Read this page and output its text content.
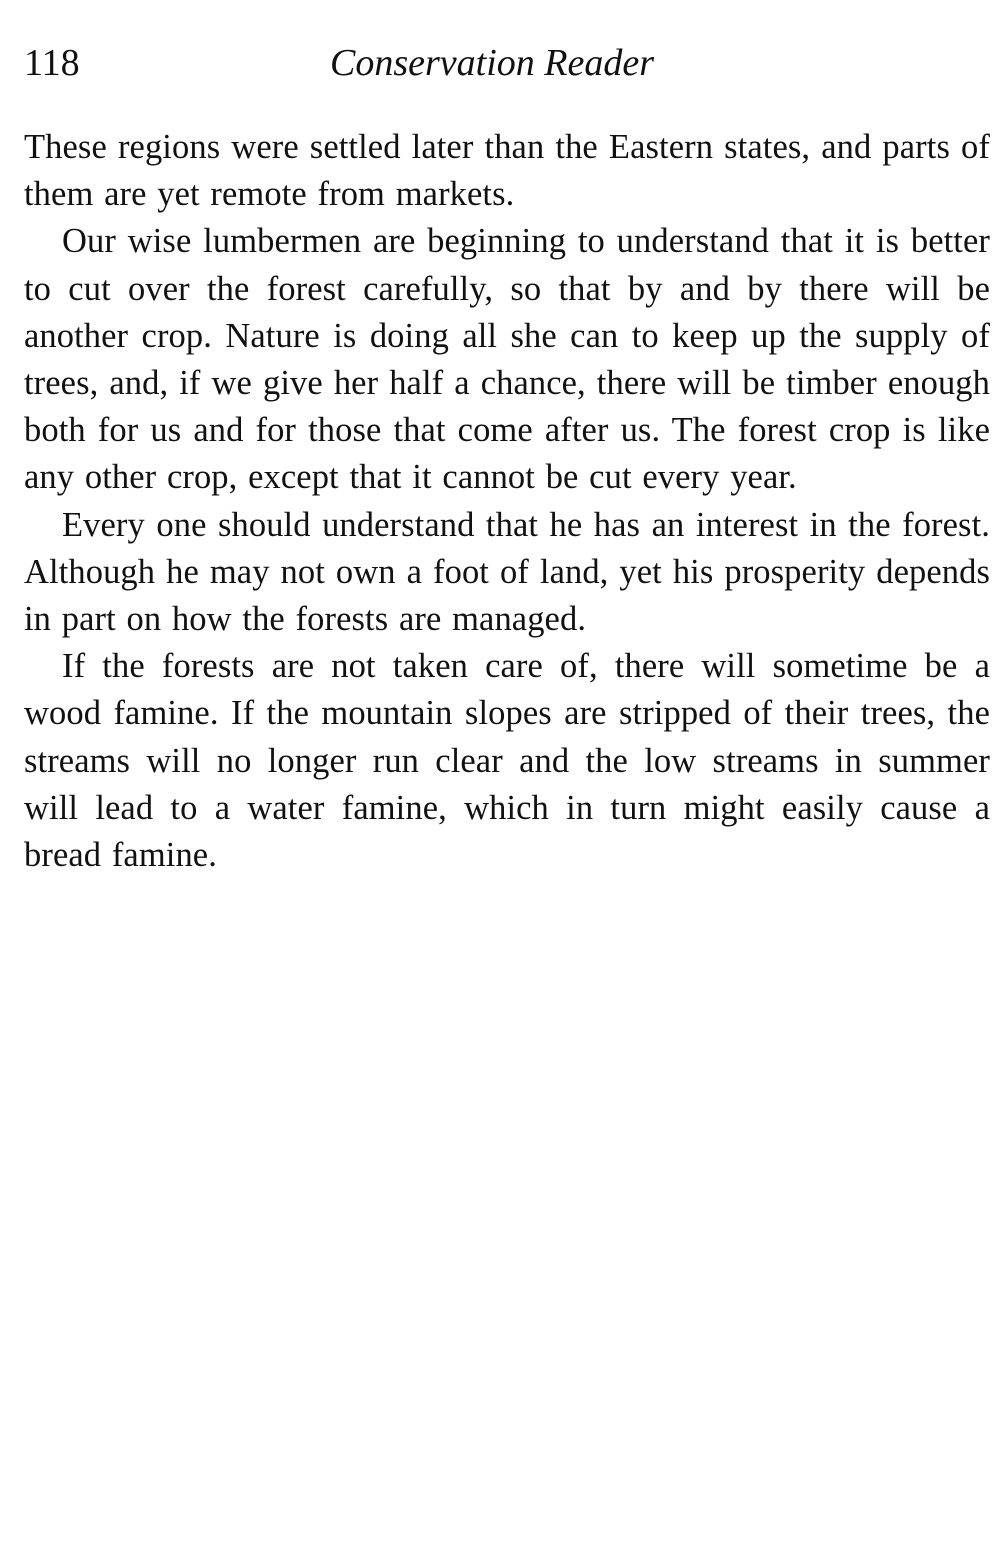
118	Conservation Reader

These regions were settled later than the Eastern states, and parts of them are yet remote from markets.

Our wise lumbermen are beginning to understand that it is better to cut over the forest carefully, so that by and by there will be another crop. Nature is doing all she can to keep up the supply of trees, and, if we give her half a chance, there will be timber enough both for us and for those that come after us. The forest crop is like any other crop, except that it cannot be cut every year.

Every one should understand that he has an interest in the forest. Although he may not own a foot of land, yet his prosperity depends in part on how the forests are managed.

If the forests are not taken care of, there will sometime be a wood famine. If the mountain slopes are stripped of their trees, the streams will no longer run clear and the low streams in summer will lead to a water famine, which in turn might easily cause a bread famine.
